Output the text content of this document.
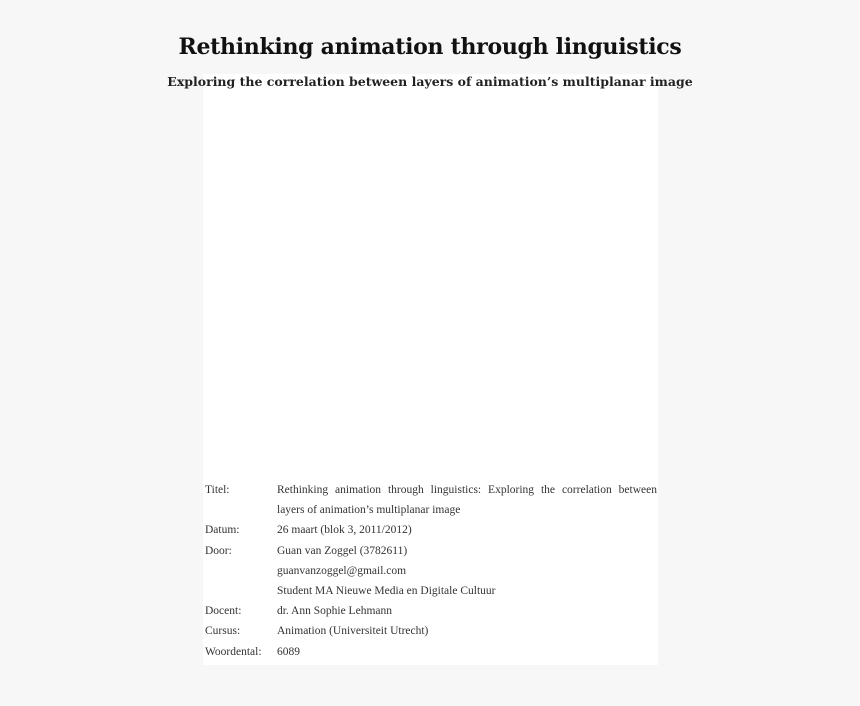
Rethinking animation through linguistics
Exploring the correlation between layers of animation’s multiplanar image
Titel:	Rethinking animation through linguistics: Exploring the correlation between
layers of animation’s multiplanar image
Datum:	26 maart (blok 3, 2011/2012)
Door:	Guan van Zoggel (3782611)
guanvanzoggel@gmail.com
Student MA Nieuwe Media en Digitale Cultuur
Docent:	dr. Ann Sophie Lehmann
Cursus:	Animation (Universiteit Utrecht)
Woordental:	6089
